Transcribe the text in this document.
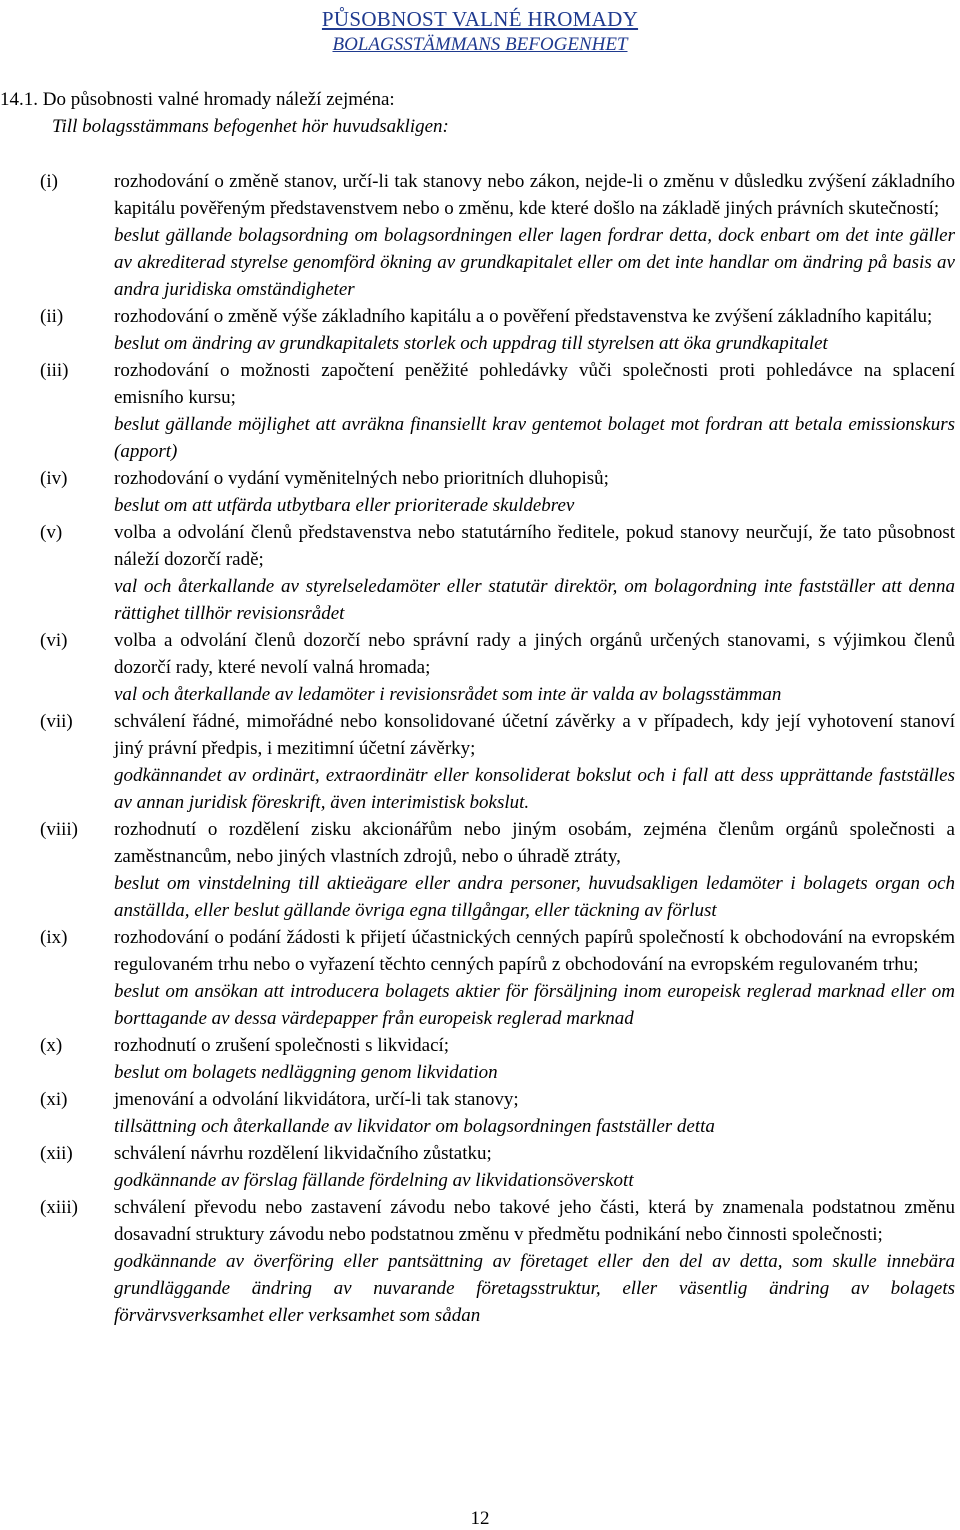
PŮSOBNOST VALNÉ HROMADY
BOLAGSSTÄMMANS BEFOGENHET
14.1. Do působnosti valné hromady náleží zejména:
Till bolagsstämmans befogenhet hör huvudsakligen:
(i)	rozhodování o změně stanov, určí-li tak stanovy nebo zákon, nejde-li o změnu v důsledku zvýšení základního kapitálu pověřeným představenstvem nebo o změnu, kde které došlo na základě jiných právních skutečností;
beslut gällande bolagsordning om bolagsordningen eller lagen fordrar detta, dock enbart om det inte gäller av akrediterad styrelse genomförd ökning av grundkapitalet eller om det inte handlar om ändring på basis av andra juridiska omständigheter
(ii)	rozhodování o změně výše základního kapitálu a o pověření představenstva ke zvýšení základního kapitálu;
beslut om ändring av grundkapitalets storlek och uppdrag till styrelsen att öka grundkapitalet
(iii)	rozhodování o možnosti započtení peněžité pohledávky vůči společnosti proti pohledávce na splacení emisního kursu;
beslut gällande möjlighet att avräkna finansiellt krav gentemot bolaget mot fordran att betala emissionskurs (apport)
(iv)	rozhodování o vydání vyměnitelných nebo prioritních dluhopisů;
beslut om att utfärda utbytbara eller prioriterade skuldebrev
(v)	volba a odvolání členů představenstva nebo statutárního ředitele, pokud stanovy neurčují, že tato působnost náleží dozorčí radě;
val och återkallande av styrelseledamöter eller statutär direktör, om bolagordning inte fastställer att denna rättighet tillhör revisionsrådet
(vi)	volba a odvolání členů dozorčí nebo správní rady a jiných orgánů určených stanovami, s výjimkou členů dozorčí rady, které nevolí valná hromada;
val och återkallande av ledamöter i revisionsrådet som inte är valda av bolagsstämman
(vii)	schválení řádné, mimořádné nebo konsolidované účetní závěrky a v případech, kdy její vyhotovení stanoví jiný právní předpis, i mezitimní účetní závěrky;
godkännandet av ordinärt, extraordinätr eller konsoliderat bokslut och i fall att dess upprättande fastställes av annan juridisk föreskrift, även interimistisk bokslut.
(viii)	rozhodnutí o rozdělení zisku akcionářům nebo jiným osobám, zejména členům orgánů společnosti a zaměstnancům, nebo jiných vlastních zdrojů, nebo o úhradě ztráty,
beslut om vinstdelning till aktieägare eller andra personer, huvudsakligen ledamöter i bolagets organ och anställda, eller beslut gällande övriga egna tillgångar, eller täckning av förlust
(ix)	rozhodování o podání žádosti k přijetí účastnických cenných papírů společností k obchodování na evropském regulovaném trhu nebo o vyřazení těchto cenných papírů z obchodování na evropském regulovaném trhu;
beslut om ansökan att introducera bolagets aktier för försäljning inom europeisk reglerad marknad eller om borttagande av dessa värdepapper från europeisk reglerad marknad
(x)	rozhodnutí o zrušení společnosti s likvidací;
beslut om bolagets nedläggning genom likvidation
(xi)	jmenování a odvolání likvidátora, určí-li tak stanovy;
tillsättning och återkallande av likvidator om bolagsordningen fastställer detta
(xii)	schválení návrhu rozdělení likvidačního zůstatku;
godkännande av förslag fällande fördelning av likvidationsöverskott
(xiii)	schválení převodu nebo zastavení závodu nebo takové jeho části, která by znamenala podstatnou změnu dosavadní struktury závodu nebo podstatnou změnu v předmětu podnikání nebo činnosti společnosti;
godkännande av överföring eller pantsättning av företaget eller den del av detta, som skulle innebära grundläggande ändring av nuvarande företagsstruktur, eller väsentlig ändring av bolagets förvärvsverksamhet eller verksamhet som sådan
12
